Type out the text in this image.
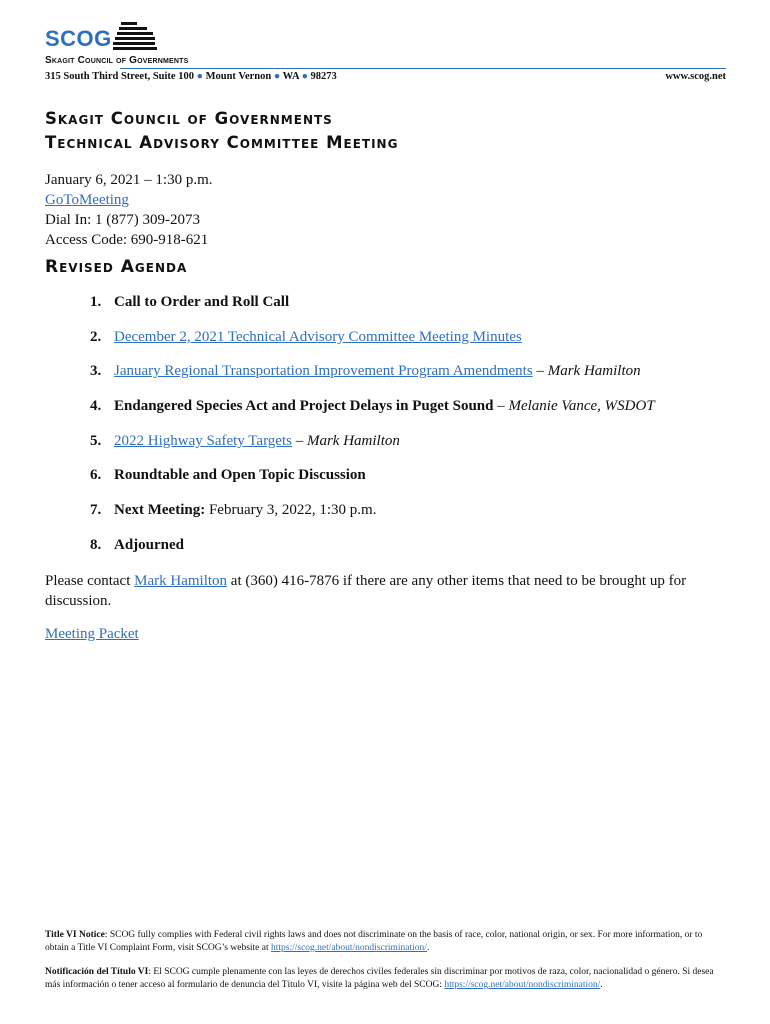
SCOG
Skagit Council of Governments
315 South Third Street, Suite 100 ● Mount Vernon ● WA ● 98273	www.scog.net
Skagit Council of Governments
Technical Advisory Committee Meeting
January 6, 2021 – 1:30 p.m.
GoToMeeting
Dial In: 1 (877) 309-2073
Access Code: 690-918-621
Revised Agenda
1. Call to Order and Roll Call
2. December 2, 2021 Technical Advisory Committee Meeting Minutes
3. January Regional Transportation Improvement Program Amendments – Mark Hamilton
4. Endangered Species Act and Project Delays in Puget Sound – Melanie Vance, WSDOT
5. 2022 Highway Safety Targets – Mark Hamilton
6. Roundtable and Open Topic Discussion
7. Next Meeting: February 3, 2022, 1:30 p.m.
8. Adjourned
Please contact Mark Hamilton at (360) 416-7876 if there are any other items that need to be brought up for discussion.
Meeting Packet
Title VI Notice: SCOG fully complies with Federal civil rights laws and does not discriminate on the basis of race, color, national origin, or sex. For more information, or to obtain a Title VI Complaint Form, visit SCOG’s website at https://scog.net/about/nondiscrimination/.
Notificación del Título VI: El SCOG cumple plenamente con las leyes de derechos civiles federales sin discriminar por motivos de raza, color, nacionalidad o género. Si desea más información o tener acceso al formulario de denuncia del Título VI, visite la página web del SCOG: https://scog.net/about/nondiscrimination/.
